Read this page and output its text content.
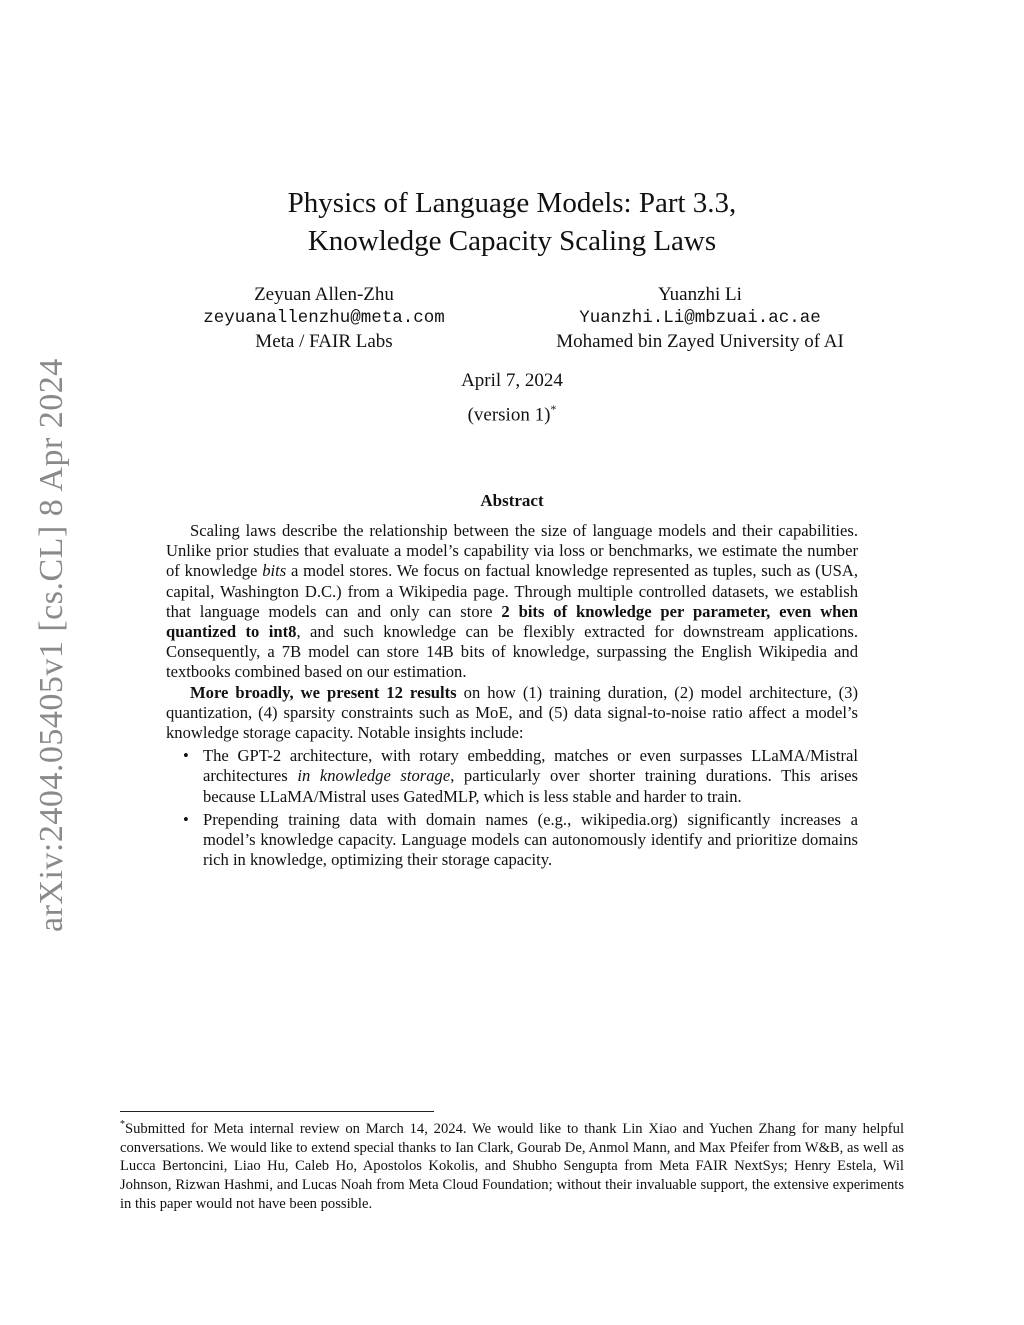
arXiv:2404.05405v1 [cs.CL] 8 Apr 2024
Physics of Language Models: Part 3.3,
Knowledge Capacity Scaling Laws
Zeyuan Allen-Zhu
zeyuanallenzhu@meta.com
Meta / FAIR Labs
Yuanzhi Li
Yuanzhi.Li@mbzuai.ac.ae
Mohamed bin Zayed University of AI
April 7, 2024
(version 1)*
Abstract

Scaling laws describe the relationship between the size of language models and their capabilities. Unlike prior studies that evaluate a model’s capability via loss or benchmarks, we estimate the number of knowledge bits a model stores. We focus on factual knowledge represented as tuples, such as (USA, capital, Washington D.C.) from a Wikipedia page. Through multiple controlled datasets, we establish that language models can and only can store 2 bits of knowledge per parameter, even when quantized to int8, and such knowledge can be flexibly extracted for downstream applications. Consequently, a 7B model can store 14B bits of knowledge, surpassing the English Wikipedia and textbooks combined based on our estimation.

More broadly, we present 12 results on how (1) training duration, (2) model architecture, (3) quantization, (4) sparsity constraints such as MoE, and (5) data signal-to-noise ratio affect a model’s knowledge storage capacity. Notable insights include:

• The GPT-2 architecture, with rotary embedding, matches or even surpasses LLaMA/Mistral architectures in knowledge storage, particularly over shorter training durations. This arises because LLaMA/Mistral uses GatedMLP, which is less stable and harder to train.
• Prepending training data with domain names (e.g., wikipedia.org) significantly increases a model’s knowledge capacity. Language models can autonomously identify and prioritize domains rich in knowledge, optimizing their storage capacity.

*Submitted for Meta internal review on March 14, 2024. We would like to thank Lin Xiao and Yuchen Zhang for many helpful conversations. We would like to extend special thanks to Ian Clark, Gourab De, Anmol Mann, and Max Pfeifer from W&B, as well as Lucca Bertoncini, Liao Hu, Caleb Ho, Apostolos Kokolis, and Shubho Sengupta from Meta FAIR NextSys; Henry Estela, Wil Johnson, Rizwan Hashmi, and Lucas Noah from Meta Cloud Foundation; without their invaluable support, the extensive experiments in this paper would not have been possible.
